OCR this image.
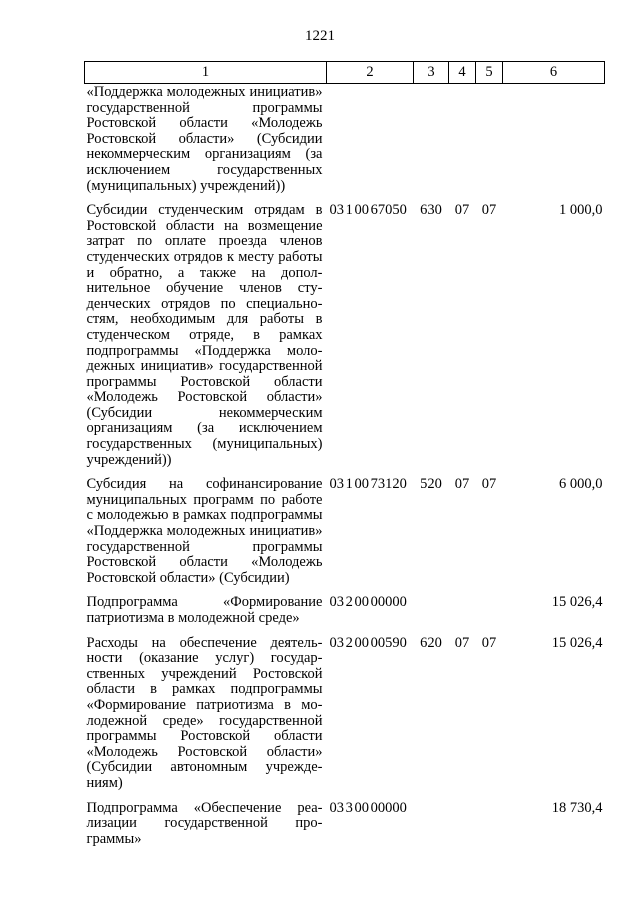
1221
1	2	3	4	5	6
«Поддержка молодежных инициатив» государственной программы Ростовской области «Молодежь Ростовской области» (Субсидии некоммерческим организациям (за исключением государственных (муниципальных) учреждений))					
Субсидии студенческим отрядам в Ростовской области на возмещение затрат по оплате проезда членов студенческих отрядов к месту работы и обратно, а также на дополнительное обучение членов студенческих отрядов по специальностям, необходимым для работы в студенческом отряде, в рамках подпрограммы «Поддержка молодежных инициатив» государственной программы Ростовской области «Молодежь Ростовской области» (Субсидии некоммерческим организациям (за исключением государственных (муниципальных) учреждений))	03 1 00 67050	630	07	07	1 000,0
Субсидия на софинансирование муниципальных программ по работе с молодежью в рамках подпрограммы «Поддержка молодежных инициатив» государственной программы Ростовской области «Молодежь Ростовской области» (Субсидии)	03 1 00 73120	520	07	07	6 000,0
Подпрограмма «Формирование патриотизма в молодежной среде»	03 2 00 00000				15 026,4
Расходы на обеспечение деятельности (оказание услуг) государственных учреждений Ростовской области в рамках подпрограммы «Формирование патриотизма в молодежной среде» государственной программы Ростовской области «Молодежь Ростовской области» (Субсидии автономным учреждениям)	03 2 00 00590	620	07	07	15 026,4
Подпрограмма «Обеспечение реализации государственной программы»	03 3 00 00000				18 730,4
